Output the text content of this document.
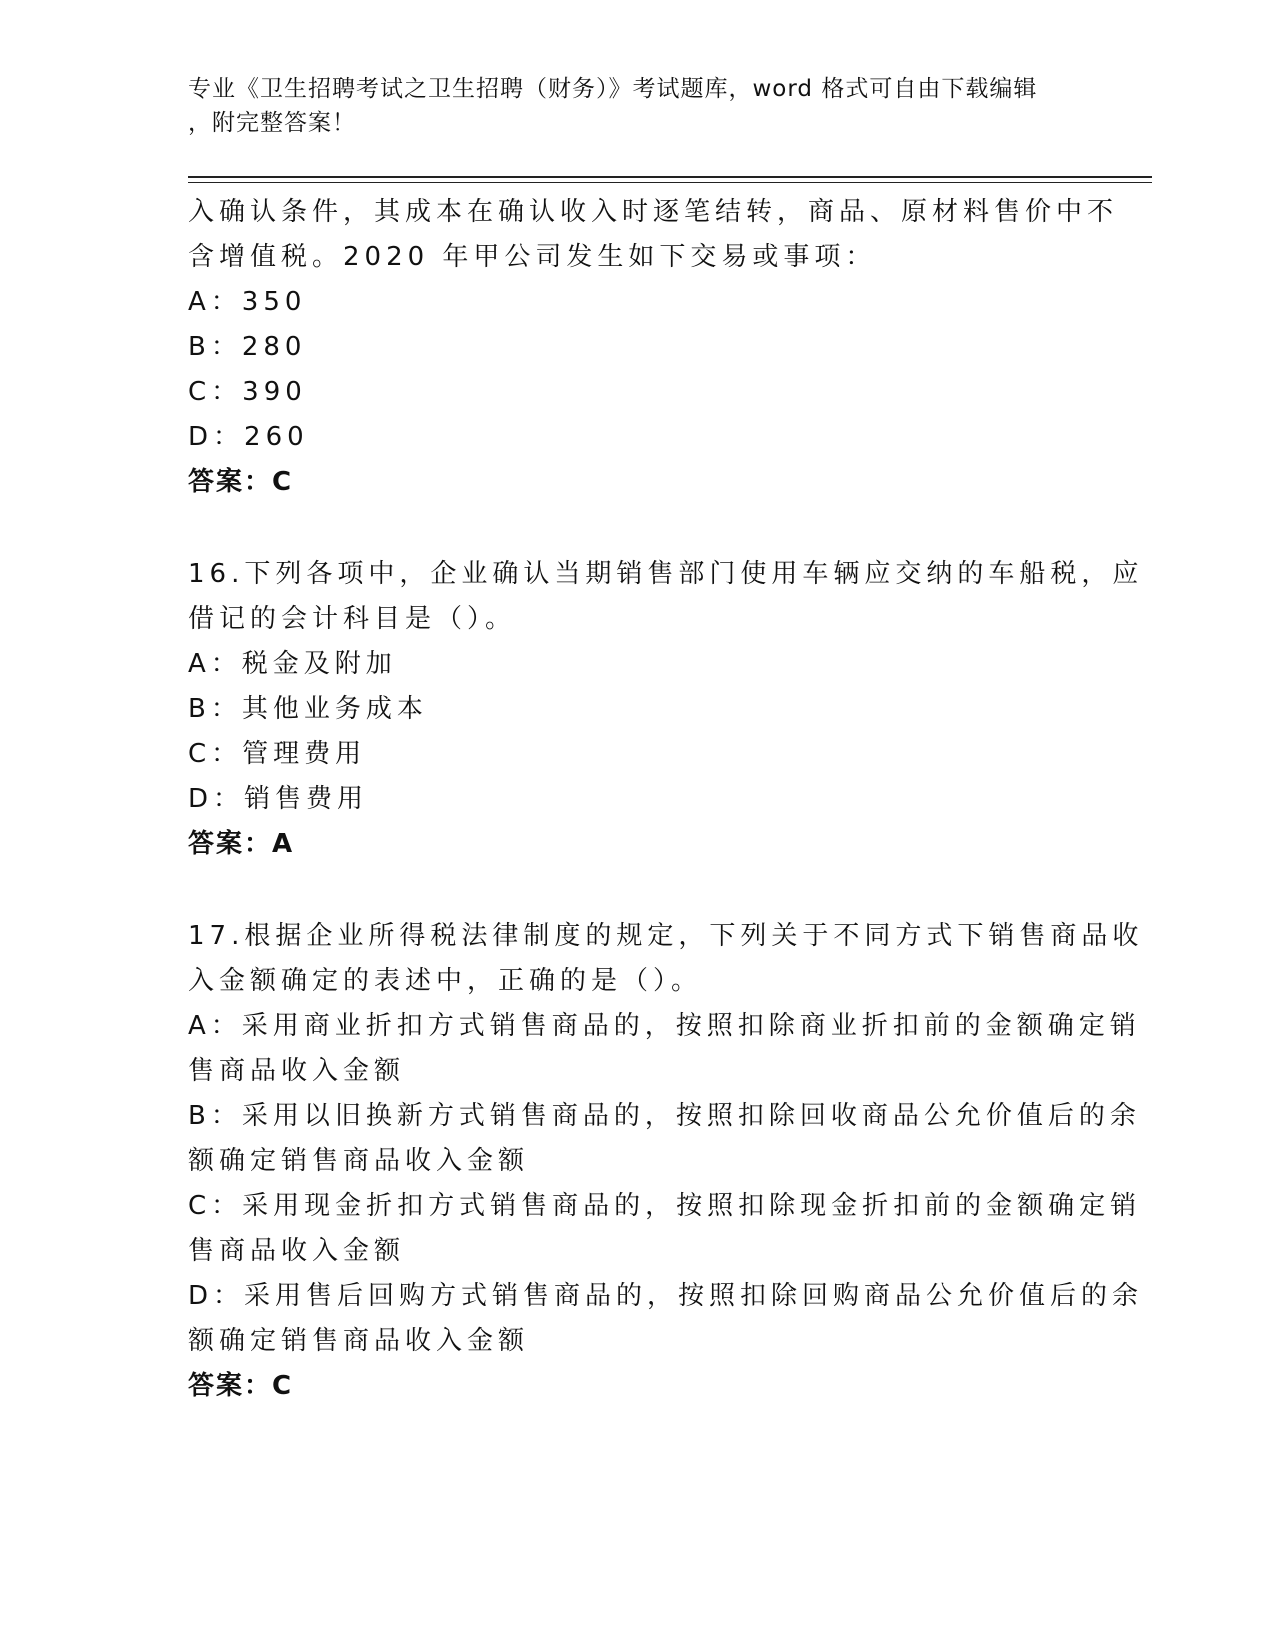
专业《卫生招聘考试之卫生招聘（财务）》考试题库，word 格式可自由下载编辑
，附完整答案！
入确认条件，其成本在确认收入时逐笔结转，商品、原材料售价中不
含增值税。2020 年甲公司发生如下交易或事项：
A：350
B：280
C：390
D：260
答案：C
16.下列各项中，企业确认当期销售部门使用车辆应交纳的车船税，应
借记的会计科目是（）。
A：税金及附加
B：其他业务成本
C：管理费用
D：销售费用
答案：A
17.根据企业所得税法律制度的规定，下列关于不同方式下销售商品收
入金额确定的表述中，正确的是（）。
A：采用商业折扣方式销售商品的，按照扣除商业折扣前的金额确定销
售商品收入金额
B：采用以旧换新方式销售商品的，按照扣除回收商品公允价值后的余
额确定销售商品收入金额
C：采用现金折扣方式销售商品的，按照扣除现金折扣前的金额确定销
售商品收入金额
D：采用售后回购方式销售商品的，按照扣除回购商品公允价值后的余
额确定销售商品收入金额
答案：C
